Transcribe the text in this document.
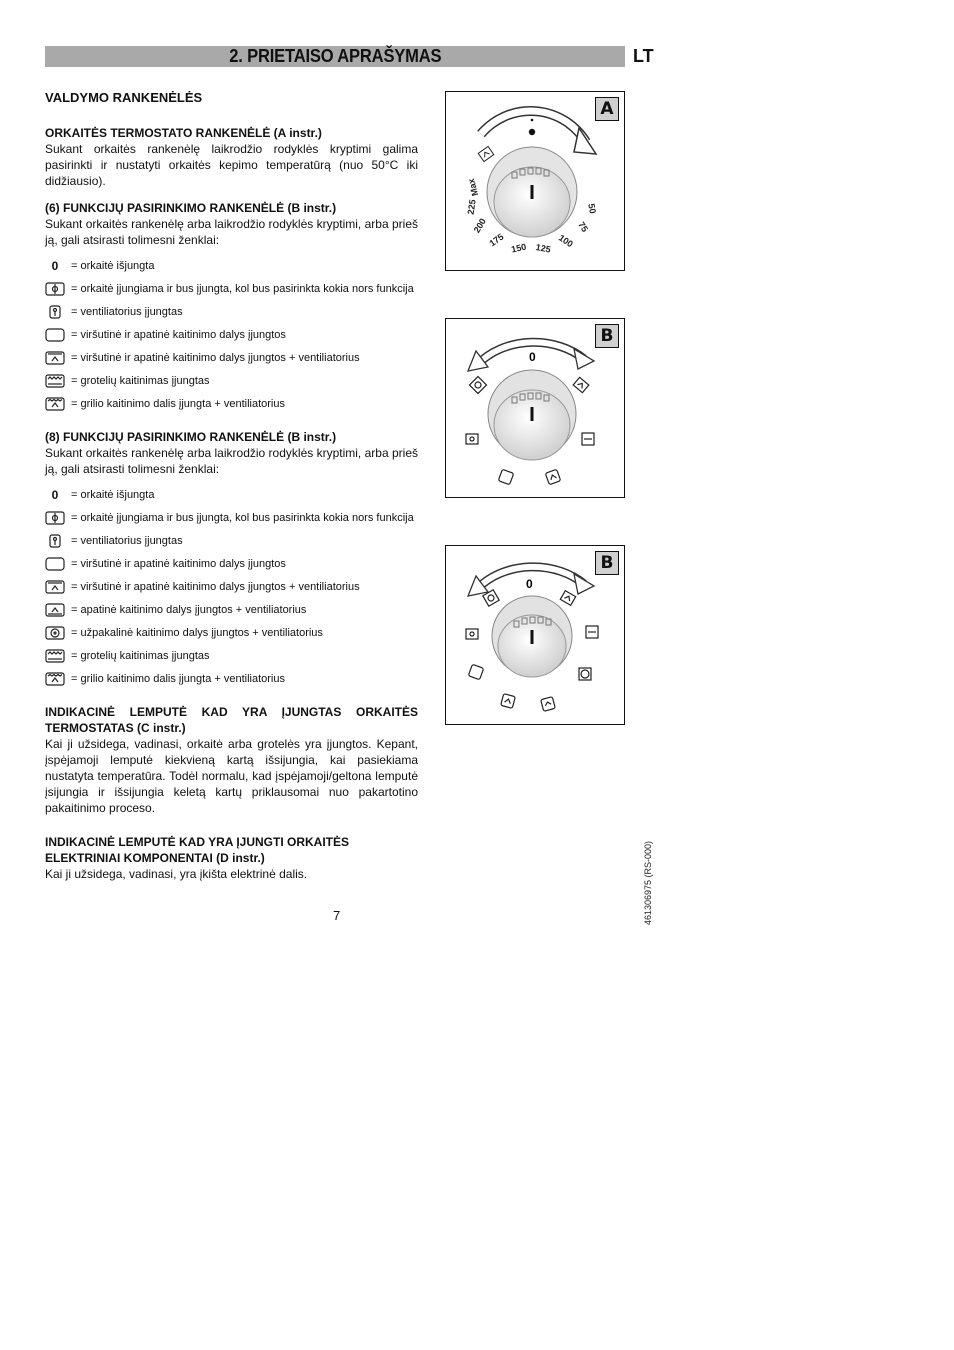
2. PRIETAISO APRAŠYMAS	LT

VALDYMO RANKENĖLĖS

ORKAITĖS TERMOSTATO RANKENĖLĖ (A instr.)

Sukant orkaitės rankenėlę laikrodžio rodyklės kryptimi galima pasirinkti ir nustatyti orkaitės kepimo temperatūrą (nuo 50°C iki didžiausio).

(6) FUNKCIJŲ PASIRINKIMO RANKENĖLĖ (B instr.)

Sukant orkaitės rankenėlę arba laikrodžio rodyklės kryptimi, arba prieš ją, gali atsirasti tolimesni ženklai:

0 = orkaitė išjungta
= orkaitė įjungiama ir bus įjungta, kol bus pasirinkta kokia nors funkcija
= ventiliatorius įjungtas
= viršutinė ir apatinė kaitinimo dalys įjungtos
= viršutinė ir apatinė kaitinimo dalys įjungtos + ventiliatorius
= grotelių kaitinimas įjungtas
= grilio kaitinimo dalis įjungta + ventiliatorius

(8) FUNKCIJŲ PASIRINKIMO RANKENĖLĖ (B instr.)

Sukant orkaitės rankenėlę arba laikrodžio rodyklės kryptimi, arba prieš ją, gali atsirasti tolimesni ženklai:

0 = orkaitė išjungta
= orkaitė įjungiama ir bus įjungta, kol bus pasirinkta kokia nors funkcija
= ventiliatorius įjungtas
= viršutinė ir apatinė kaitinimo dalys įjungtos
= viršutinė ir apatinė kaitinimo dalys įjungtos + ventiliatorius
= apatinė kaitinimo dalys įjungtos + ventiliatorius
= užpakalinė kaitinimo dalys įjungtos + ventiliatorius
= grotelių kaitinimas įjungtas
= grilio kaitinimo dalis įjungta + ventiliatorius

INDIKACINĖ LEMPUTĖ KAD YRA ĮJUNGTAS ORKAITĖS TERMOSTATAS (C instr.)

Kai ji užsidega, vadinasi, orkaitė arba grotelės yra įjungtos. Kepant, įspėjamoji lemputė kiekvieną kartą išsijungia, kai pasiekiama nustatyta temperatūra. Todėl normalu, kad įspėjamoji/geltona lemputė įsijungia ir išsijungia keletą kartų priklausomai nuo pakartotino pakaitinimo proceso.

INDIKACINĖ LEMPUTĖ KAD YRA ĮJUNGTI ORKAITĖS ELEKTRINIAI KOMPONENTAI (D instr.)

Kai ji užsidega, vadinasi, yra įkišta elektrinė dalis.

A
50
75
100
125
150
175
200
225
Max
B
0
B
0
7	461306975 (RS-000)
